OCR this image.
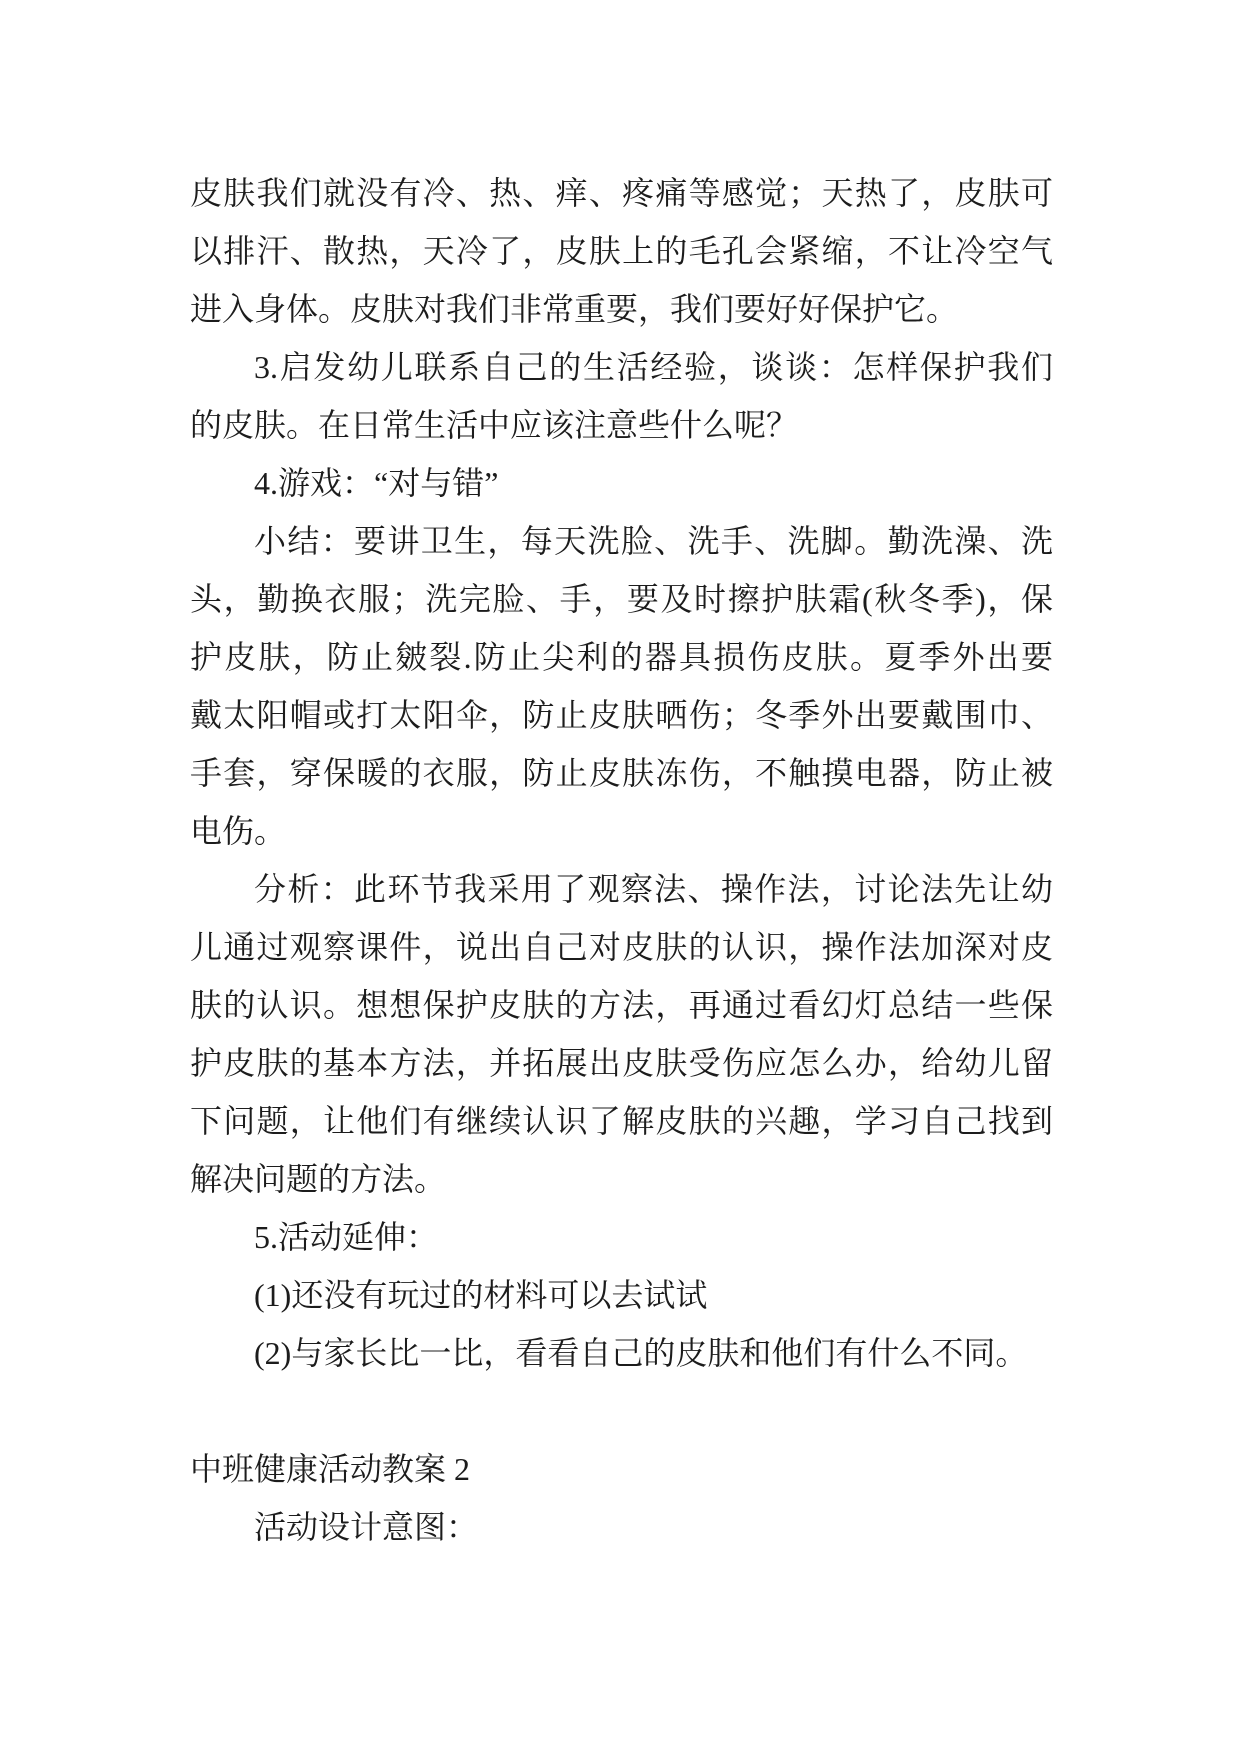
皮肤我们就没有冷、热、痒、疼痛等感觉；天热了，皮肤可
以排汗、散热，天冷了，皮肤上的毛孔会紧缩，不让冷空气
进入身体。皮肤对我们非常重要，我们要好好保护它。
3.启发幼儿联系自己的生活经验，谈谈：怎样保护我们
的皮肤。在日常生活中应该注意些什么呢？
4.游戏：“对与错”
小结：要讲卫生，每天洗脸、洗手、洗脚。勤洗澡、洗
头，勤换衣服；洗完脸、手，要及时擦护肤霜(秋冬季)，保
护皮肤，防止皴裂.防止尖利的器具损伤皮肤。夏季外出要
戴太阳帽或打太阳伞，防止皮肤晒伤；冬季外出要戴围巾、
手套，穿保暖的衣服，防止皮肤冻伤，不触摸电器，防止被
电伤。
分析：此环节我采用了观察法、操作法，讨论法先让幼
儿通过观察课件，说出自己对皮肤的认识，操作法加深对皮
肤的认识。想想保护皮肤的方法，再通过看幻灯总结一些保
护皮肤的基本方法，并拓展出皮肤受伤应怎么办，给幼儿留
下问题，让他们有继续认识了解皮肤的兴趣，学习自己找到
解决问题的方法。
5.活动延伸：
(1)还没有玩过的材料可以去试试
(2)与家长比一比，看看自己的皮肤和他们有什么不同。
中班健康活动教案 2
活动设计意图：
